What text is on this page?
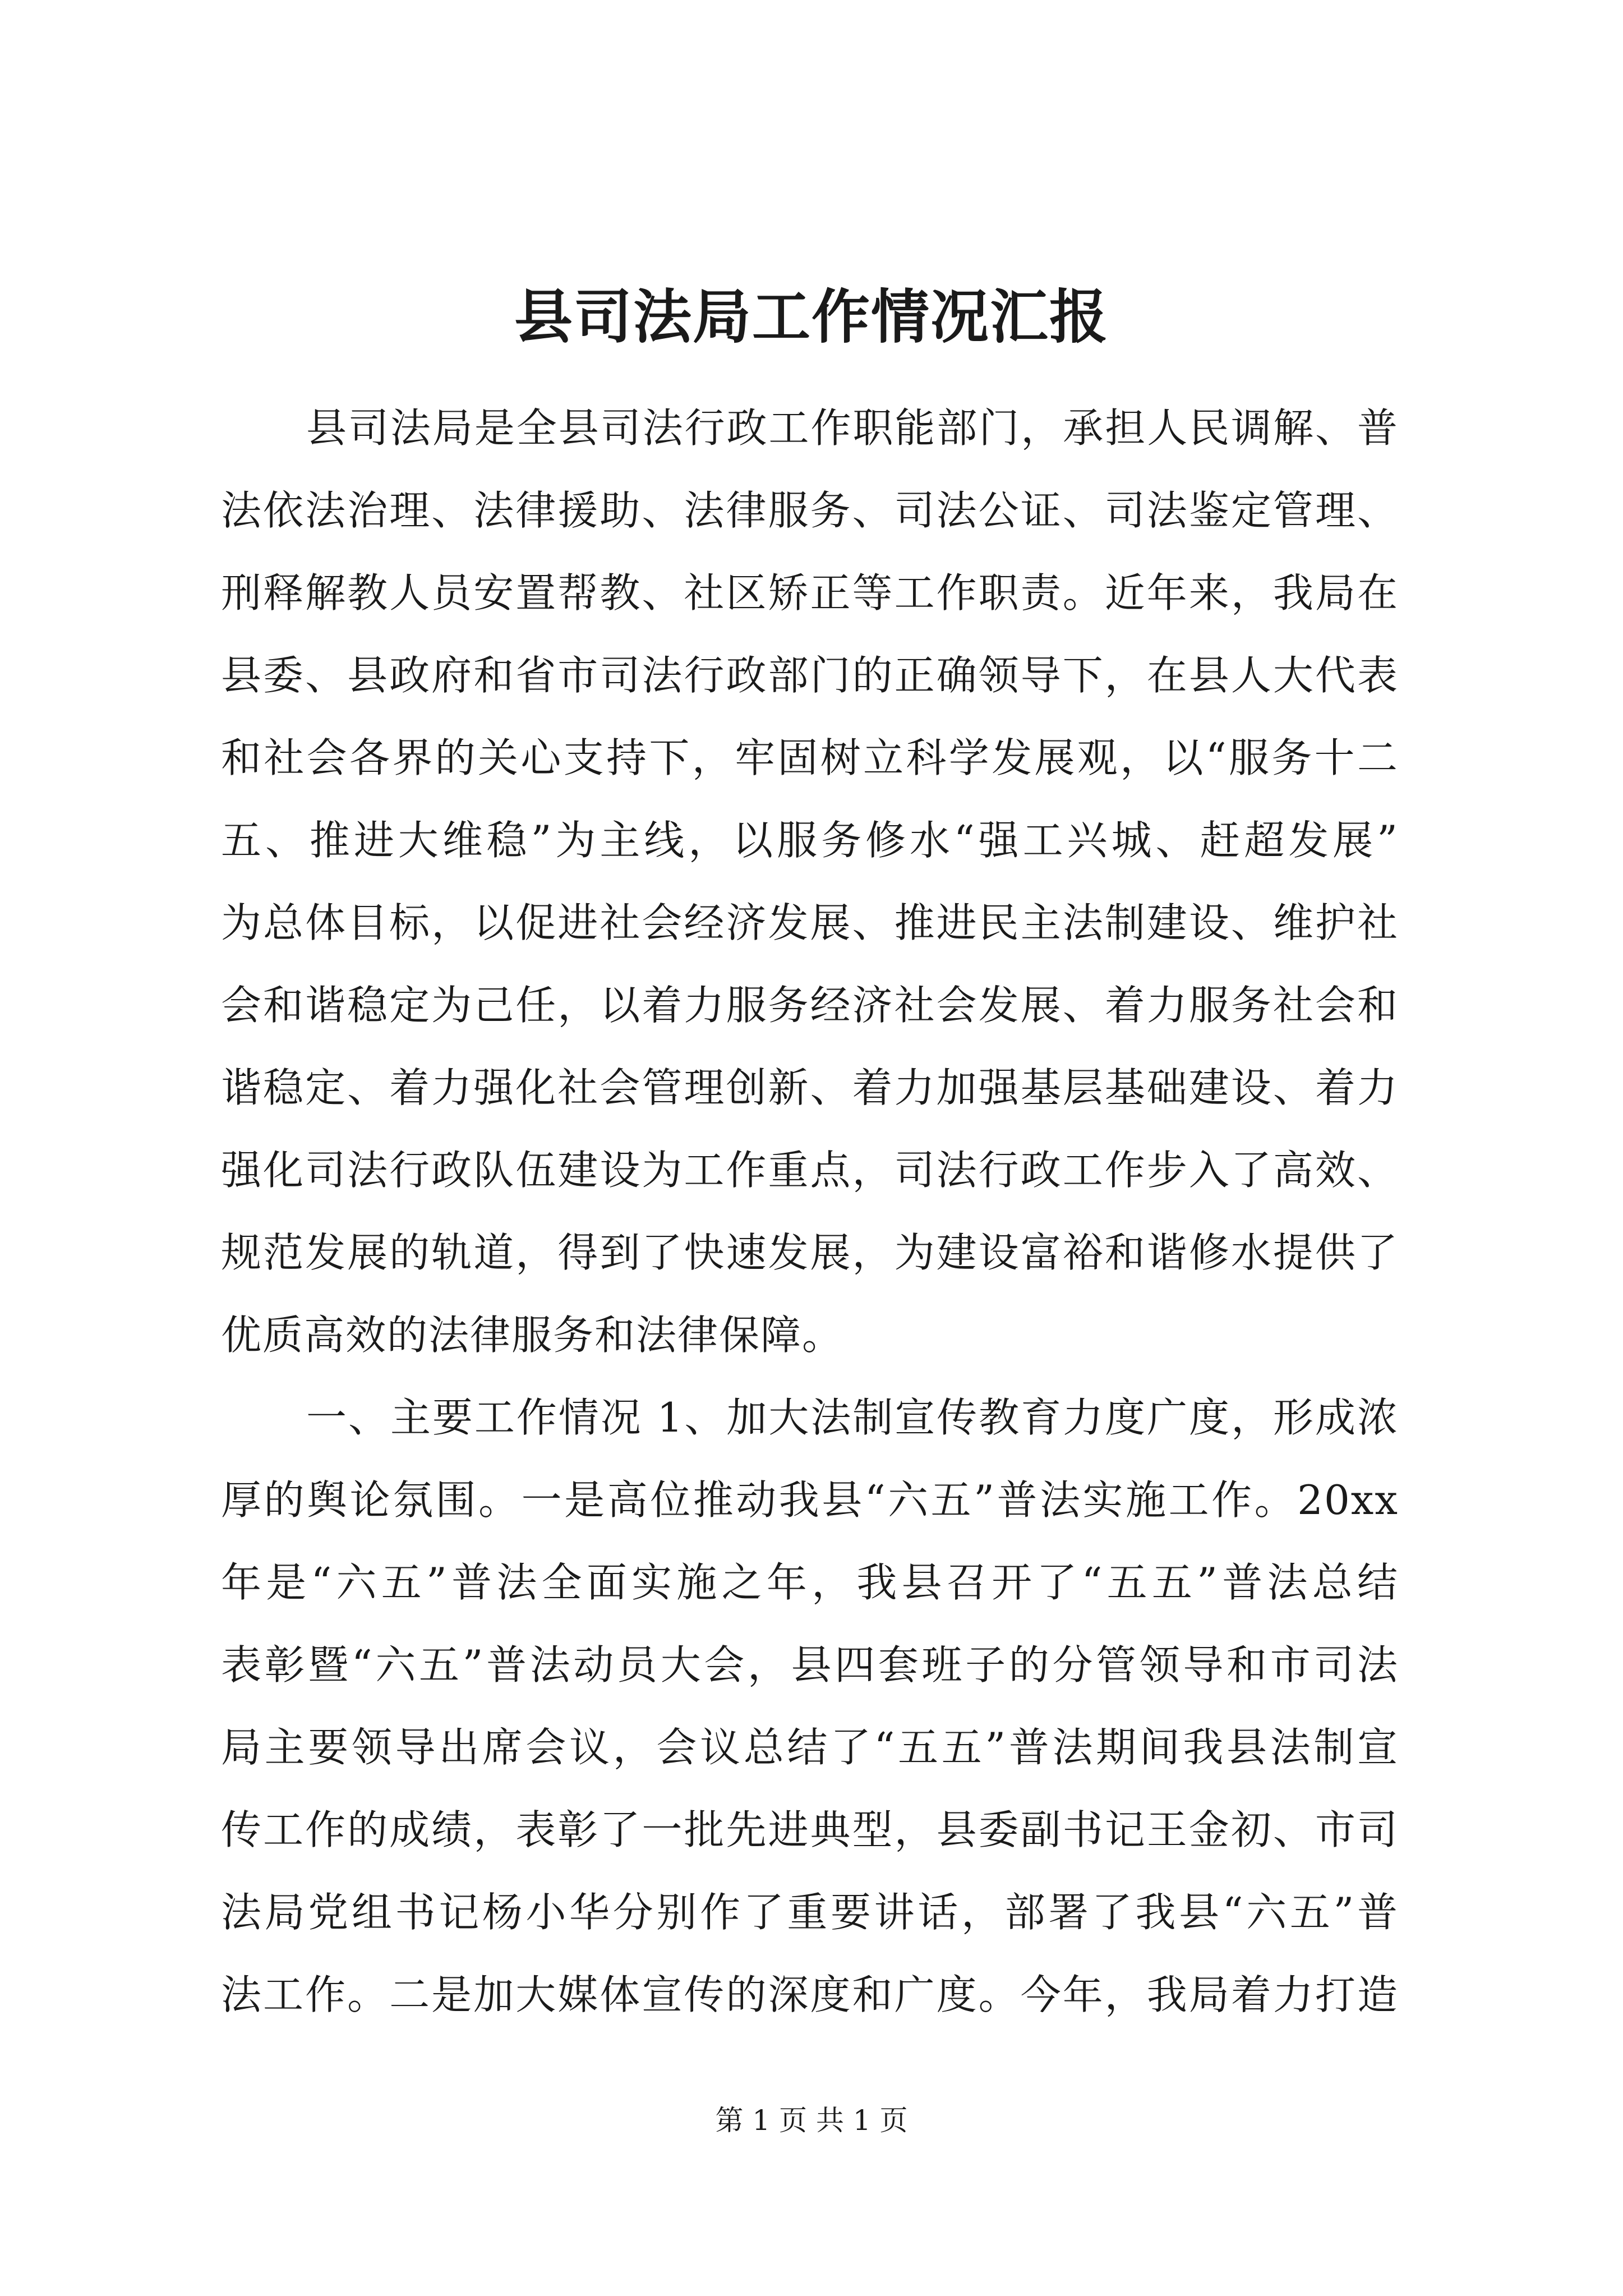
县司法局工作情况汇报
县司法局是全县司法行政工作职能部门，承担人民调解、普
法依法治理、法律援助、法律服务、司法公证、司法鉴定管理、
刑释解教人员安置帮教、社区矫正等工作职责。近年来，我局在
县委、县政府和省市司法行政部门的正确领导下，在县人大代表
和社会各界的关心支持下，牢固树立科学发展观，以“服务十二
五、推进大维稳”为主线，以服务修水“强工兴城、赶超发展”
为总体目标，以促进社会经济发展、推进民主法制建设、维护社
会和谐稳定为己任，以着力服务经济社会发展、着力服务社会和
谐稳定、着力强化社会管理创新、着力加强基层基础建设、着力
强化司法行政队伍建设为工作重点，司法行政工作步入了高效、
规范发展的轨道，得到了快速发展，为建设富裕和谐修水提供了
优质高效的法律服务和法律保障。
一、主要工作情况 1、加大法制宣传教育力度广度，形成浓
厚的舆论氛围。一是高位推动我县“六五”普法实施工作。20xx
年是“六五”普法全面实施之年，我县召开了“五五”普法总结
表彰暨“六五”普法动员大会，县四套班子的分管领导和市司法
局主要领导出席会议，会议总结了“五五”普法期间我县法制宣
传工作的成绩，表彰了一批先进典型，县委副书记王金初、市司
法局党组书记杨小华分别作了重要讲话，部署了我县“六五”普
法工作。二是加大媒体宣传的深度和广度。今年，我局着力打造
第 1 页 共 1 页
